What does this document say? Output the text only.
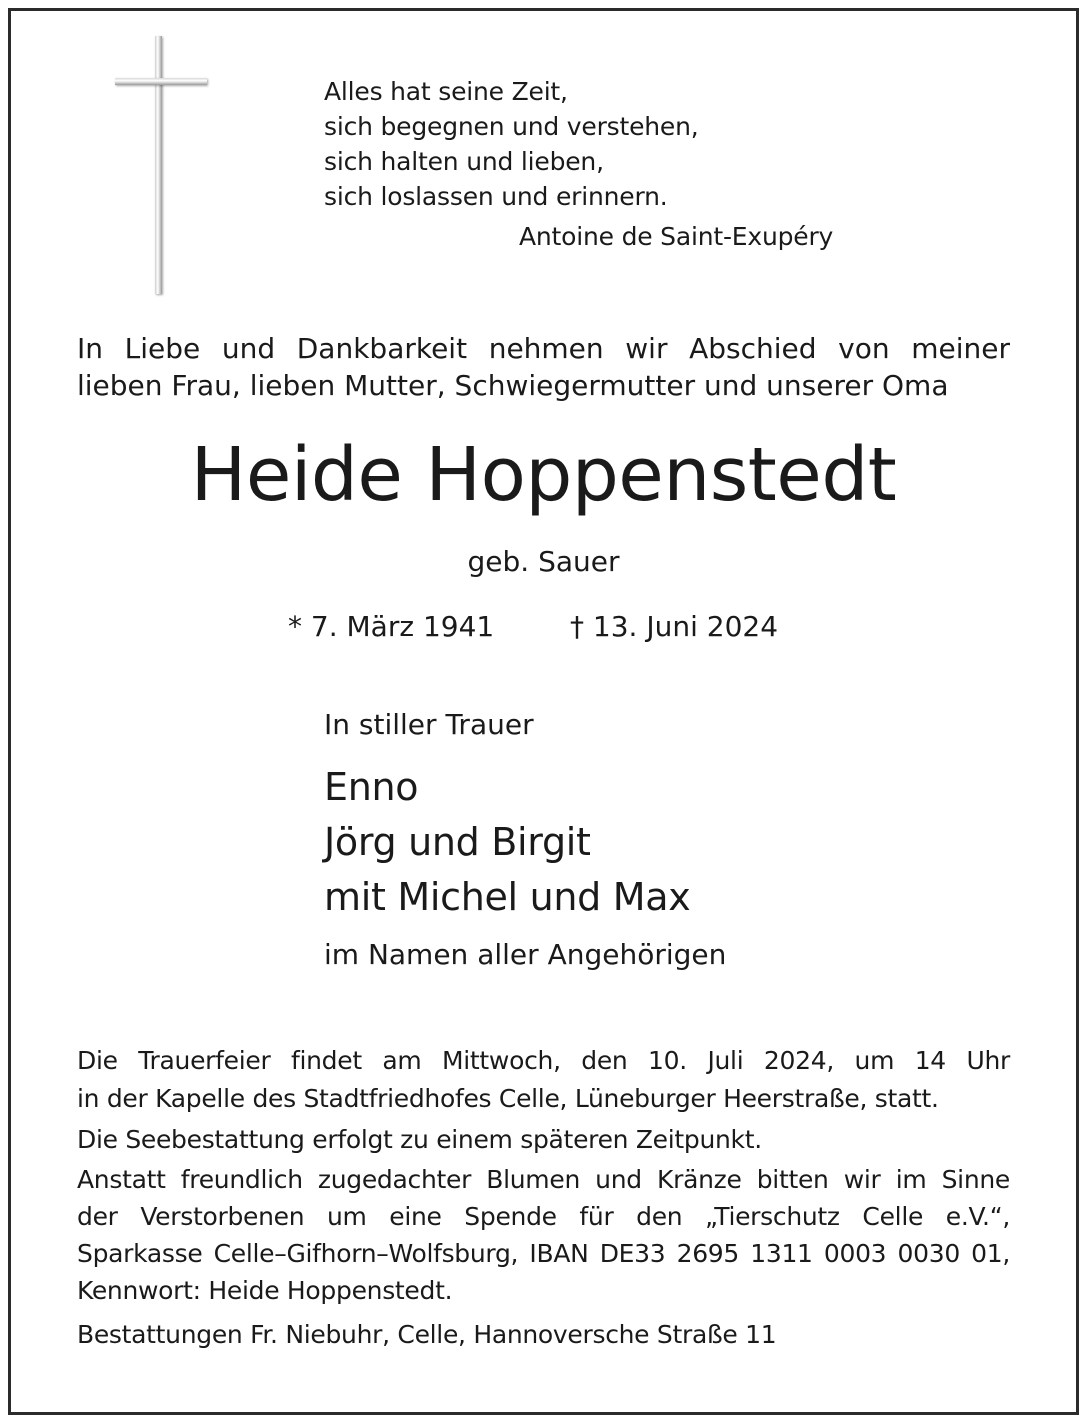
Alles hat seine Zeit,
sich begegnen und verstehen,
sich halten und lieben,
sich loslassen und erinnern.
Antoine de Saint-Exupéry
In Liebe und Dankbarkeit nehmen wir Abschied von meiner
lieben Frau, lieben Mutter, Schwiegermutter und unserer Oma
Heide Hoppenstedt
geb. Sauer
* 7. März 1941	† 13. Juni 2024
In stiller Trauer
Enno
Jörg und Birgit
mit Michel und Max
im Namen aller Angehörigen
Die Trauerfeier findet am Mittwoch, den 10. Juli 2024, um 14 Uhr
in der Kapelle des Stadtfriedhofes Celle, Lüneburger Heerstraße, statt.
Die Seebestattung erfolgt zu einem späteren Zeitpunkt.
Anstatt freundlich zugedachter Blumen und Kränze bitten wir im Sinne
der Verstorbenen um eine Spende für den „Tierschutz Celle e.V.“,
Sparkasse Celle–Gifhorn–Wolfsburg, IBAN DE33 2695 1311 0003 0030 01,
Kennwort: Heide Hoppenstedt.
Bestattungen Fr. Niebuhr, Celle, Hannoversche Straße 11
